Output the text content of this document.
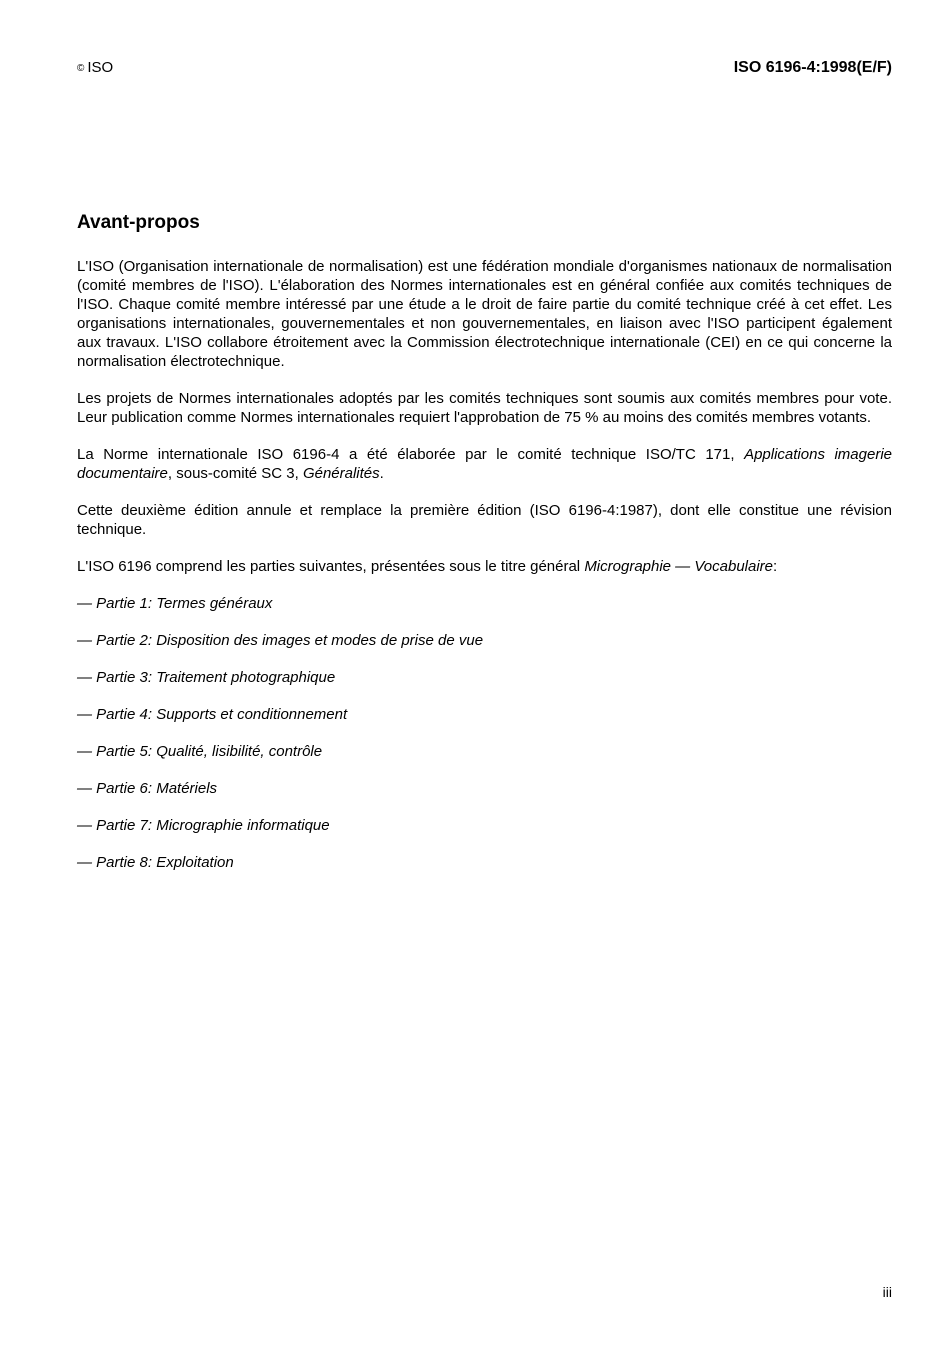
© ISO	ISO 6196-4:1998(E/F)
Avant-propos

L'ISO (Organisation internationale de normalisation) est une fédération mondiale d'organismes nationaux de normalisation (comité membres de l'ISO). L'élaboration des Normes internationales est en général confiée aux comités techniques de l'ISO. Chaque comité membre intéressé par une étude a le droit de faire partie du comité technique créé à cet effet. Les organisations internationales, gouvernementales et non gouvernementales, en liaison avec l'ISO participent également aux travaux. L'ISO collabore étroitement avec la Commission électrotechnique internationale (CEI) en ce qui concerne la normalisation électrotechnique.

Les projets de Normes internationales adoptés par les comités techniques sont soumis aux comités membres pour vote. Leur publication comme Normes internationales requiert l'approbation de 75 % au moins des comités membres votants.

La Norme internationale ISO 6196-4 a été élaborée par le comité technique ISO/TC 171, Applications imagerie documentaire, sous-comité SC 3, Généralités.

Cette deuxième édition annule et remplace la première édition (ISO 6196-4:1987), dont elle constitue une révision technique.

L'ISO 6196 comprend les parties suivantes, présentées sous le titre général Micrographie — Vocabulaire:

— Partie 1: Termes généraux

— Partie 2: Disposition des images et modes de prise de vue

— Partie 3: Traitement photographique

— Partie 4: Supports et conditionnement

— Partie 5: Qualité, lisibilité, contrôle

— Partie 6: Matériels

— Partie 7: Micrographie informatique

— Partie 8: Exploitation

iii
